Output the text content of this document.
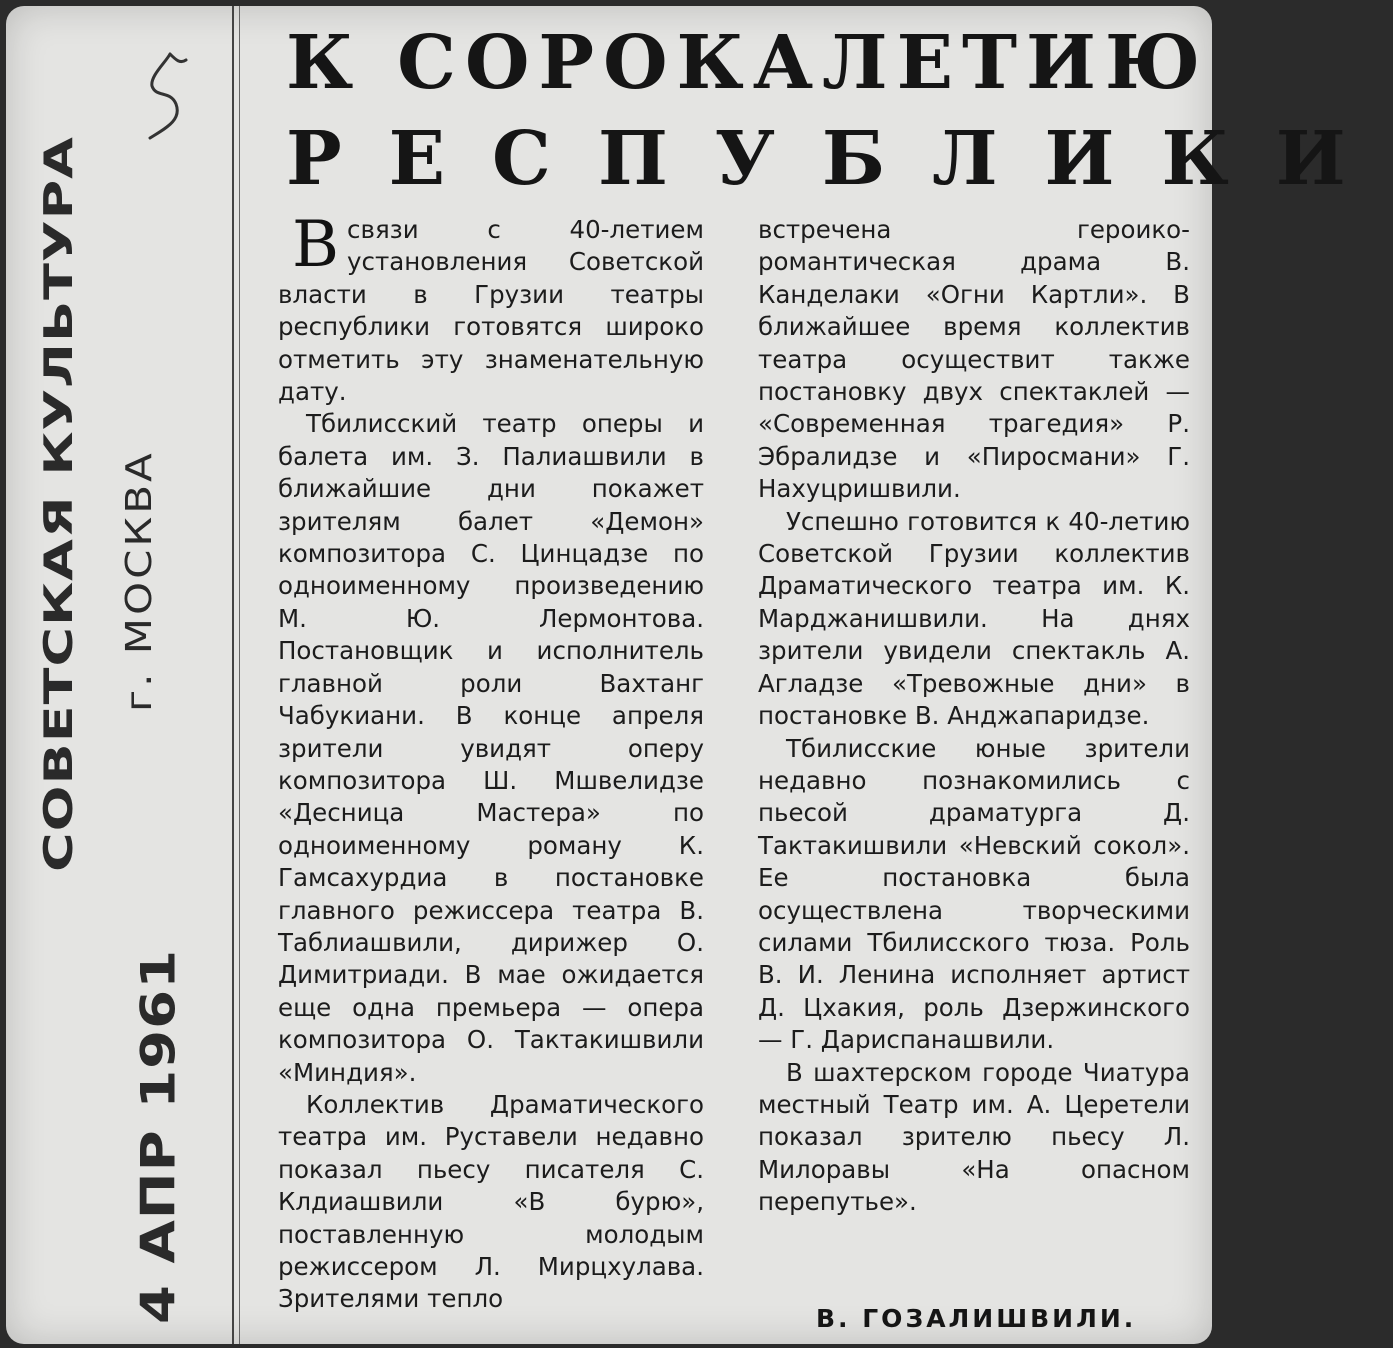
СОВЕТСКАЯ КУЛЬТУРА г. МОСКВА
4 АПР 1961
К СОРОКАЛЕТИЮ
РЕСПУБЛИКИ

Всвязи с 40-летием установления Советской власти в Грузии театры республики готовятся широко отметить эту знаменательную дату.

Тбилисский театр оперы и балета им. З. Палиашвили в ближайшие дни покажет зрителям балет «Демон» композитора С. Цинцадзе по одноименному произведению М. Ю. Лермонтова. Постановщик и исполнитель главной роли Вахтанг Чабукиани. В конце апреля зрители увидят оперу композитора Ш. Мшвелидзе «Десница Мастера» по одноименному роману К. Гамсахурдиа в постановке главного режиссера театра В. Таблиашвили, дирижер О. Димитриади. В мае ожидается еще одна премьера — опера композитора О. Тактакишвили «Миндия».

Коллектив Драматического театра им. Руставели недавно показал пьесу писателя С. Клдиашвили «В бурю», поставленную молодым режиссером Л. Мирцхулава. Зрителями тепло

встречена героико-романтическая драма В. Канделаки «Огни Картли». В ближайшее время коллектив театра осуществит также постановку двух спектаклей — «Современная трагедия» Р. Эбралидзе и «Пиросмани» Г. Нахуцришвили.

Успешно готовится к 40-летию Советской Грузии коллектив Драматического театра им. К. Марджанишвили. На днях зрители увидели спектакль А. Агладзе «Тревожные дни» в постановке В. Анджапаридзе.

Тбилисские юные зрители недавно познакомились с пьесой драматурга Д. Тактакишвили «Невский сокол». Ее постановка была осуществлена творческими силами Тбилисского тюза. Роль В. И. Ленина исполняет артист Д. Цхакия, роль Дзержинского — Г. Дариспанашвили.

В шахтерском городе Чиатура местный Театр им. А. Церетели показал зрителю пьесу Л. Милоравы «На опасном перепутье».

В. ГОЗАЛИШВИЛИ.
